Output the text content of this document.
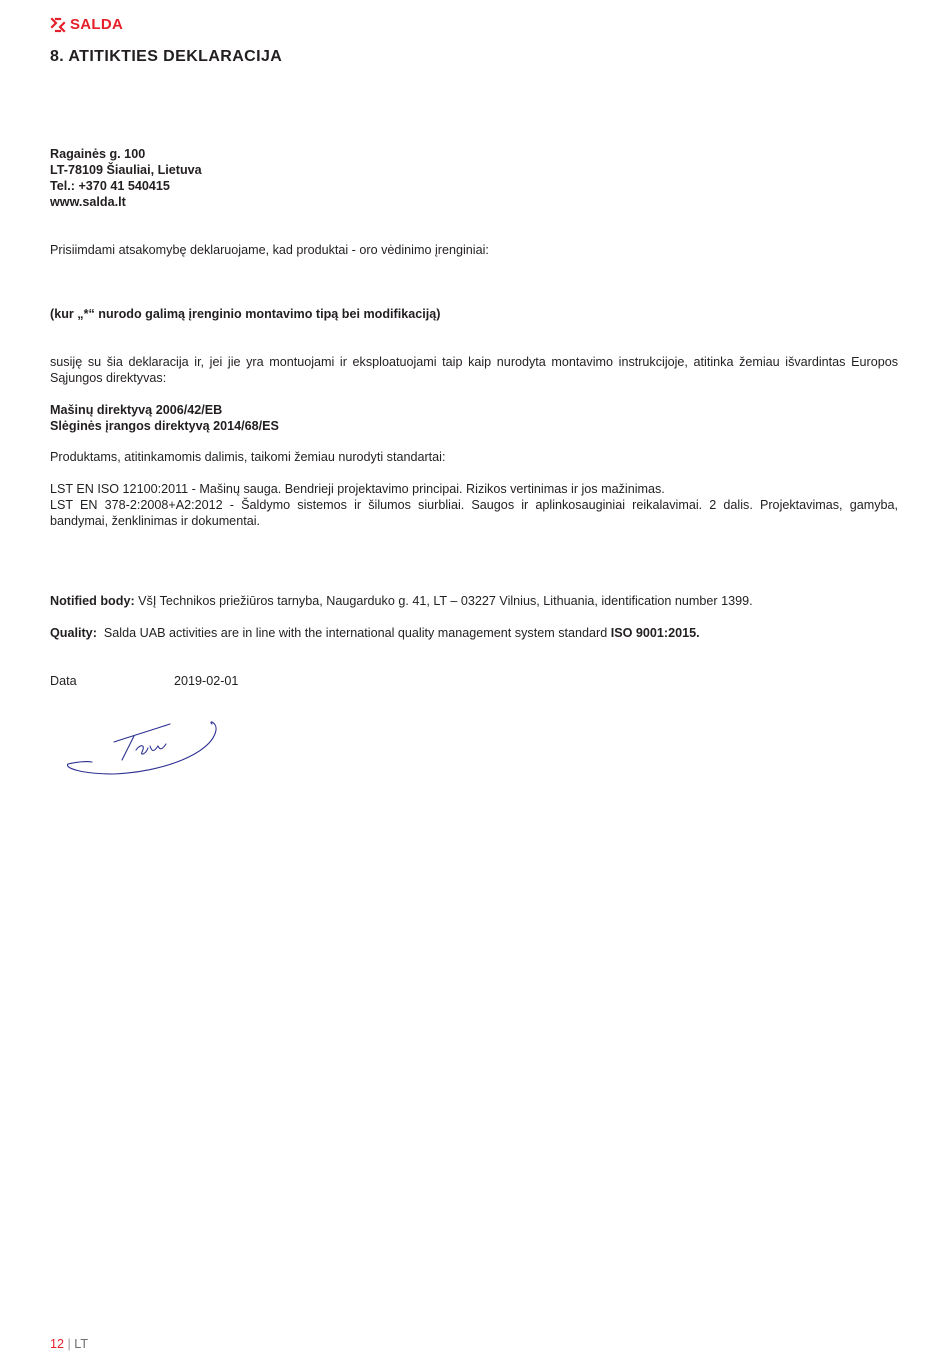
SALDA
8. ATITIKTIES DEKLARACIJA
Ragainės g. 100
LT-78109 Šiauliai, Lietuva
Tel.: +370 41 540415
www.salda.lt
Prisiimdami atsakomybę deklaruojame, kad produktai - oro vėdinimo įrenginiai:
(kur „*“ nurodo galimą įrenginio montavimo tipą bei modifikaciją)
susiję su šia deklaracija ir, jei jie yra montuojami ir eksploatuojami taip kaip nurodyta montavimo instrukcijoje, atitinka žemiau išvardintas Europos Sąjungos direktyvas:
Mašinų direktyvą 2006/42/EB
Slėginės įrangos direktyvą 2014/68/ES
Produktams, atitinkamomis dalimis, taikomi žemiau nurodyti standartai:
LST EN ISO 12100:2011 - Mašinų sauga. Bendrieji projektavimo principai. Rizikos vertinimas ir jos mažinimas.
LST EN 378-2:2008+A2:2012 - Šaldymo sistemos ir šilumos siurbliai. Saugos ir aplinkosauginiai reikalavimai. 2 dalis. Projektavimas, gamyba, bandymai, ženklinimas ir dokumentai.
Notified body: VšĮ Technikos priežiūros tarnyba, Naugarduko g. 41, LT – 03227 Vilnius, Lithuania, identification number 1399.
Quality:  Salda UAB activities are in line with the international quality management system standard ISO 9001:2015.
Data	2019-02-01
12 | LT
